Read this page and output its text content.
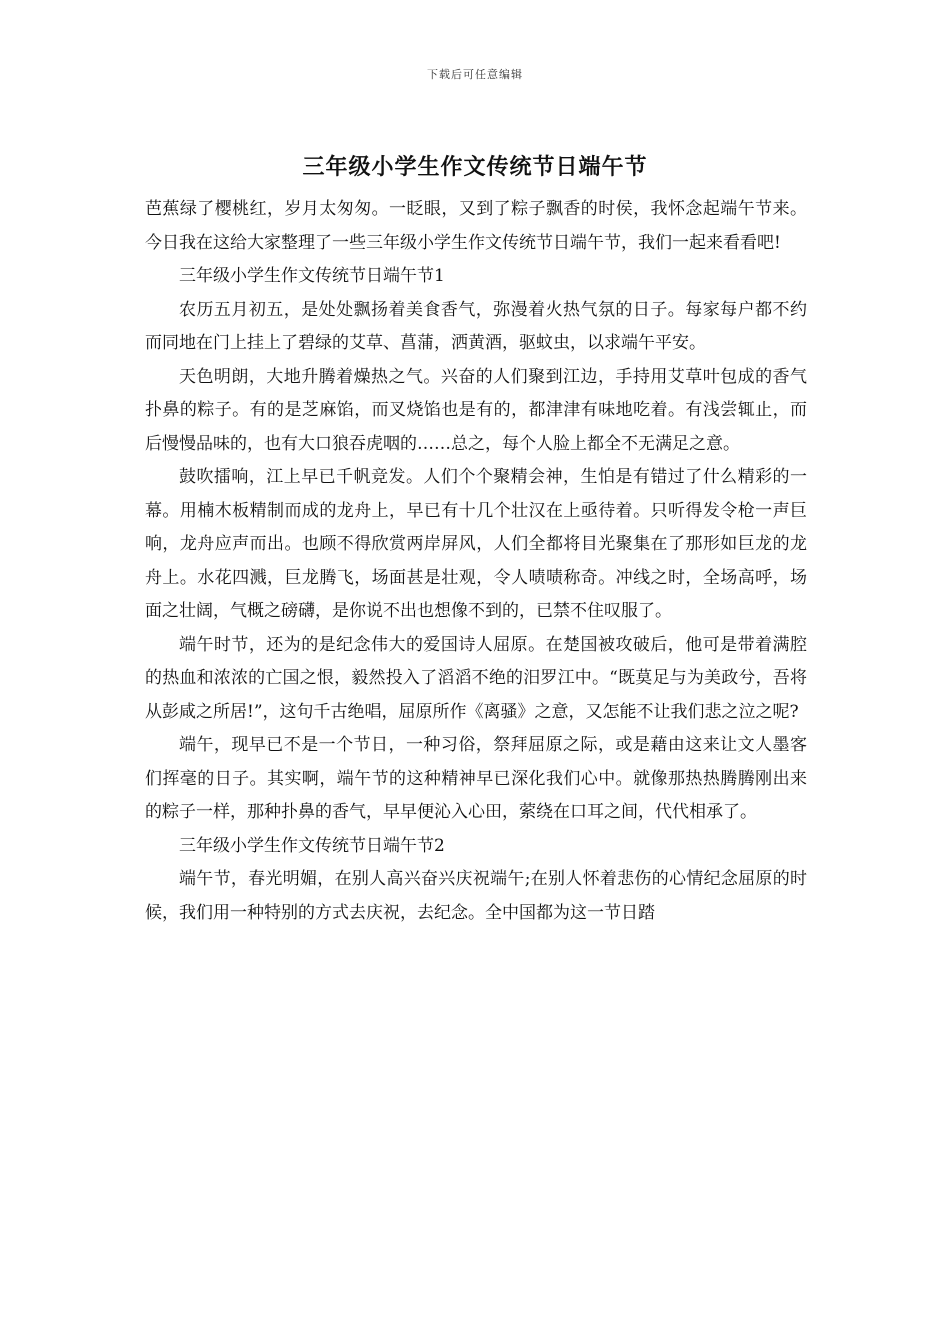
下载后可任意编辑
三年级小学生作文传统节日端午节

芭蕉绿了樱桃红，岁月太匆匆。一眨眼，又到了粽子飘香的时侯，我怀念起端午节来。今日我在这给大家整理了一些三年级小学生作文传统节日端午节，我们一起来看看吧!

三年级小学生作文传统节日端午节1

农历五月初五，是处处飘扬着美食香气，弥漫着火热气氛的日子。每家每户都不约而同地在门上挂上了碧绿的艾草、菖蒲，洒黄酒，驱蚊虫，以求端午平安。

天色明朗，大地升腾着燥热之气。兴奋的人们聚到江边，手持用艾草叶包成的香气扑鼻的粽子。有的是芝麻馅，而叉烧馅也是有的，都津津有味地吃着。有浅尝辄止，而后慢慢品味的，也有大口狼吞虎咽的……总之，每个人脸上都全不无满足之意。

鼓吹擂响，江上早已千帆竞发。人们个个聚精会神，生怕是有错过了什么精彩的一幕。用楠木板精制而成的龙舟上，早已有十几个壮汉在上亟待着。只听得发令枪一声巨响，龙舟应声而出。也顾不得欣赏两岸屏风，人们全都将目光聚集在了那形如巨龙的龙舟上。水花四溅，巨龙腾飞，场面甚是壮观，令人啧啧称奇。冲线之时，全场高呼，场面之壮阔，气概之磅礴，是你说不出也想像不到的，已禁不住叹服了。

端午时节，还为的是纪念伟大的爱国诗人屈原。在楚国被攻破后，他可是带着满腔的热血和浓浓的亡国之恨，毅然投入了滔滔不绝的汨罗江中。“既莫足与为美政兮，吾将从彭咸之所居!”，这句千古绝唱，屈原所作《离骚》之意，又怎能不让我们悲之泣之呢?

端午，现早已不是一个节日，一种习俗，祭拜屈原之际，或是藉由这来让文人墨客们挥毫的日子。其实啊，端午节的这种精神早已深化我们心中。就像那热热腾腾刚出来的粽子一样，那种扑鼻的香气，早早便沁入心田，萦绕在口耳之间，代代相承了。

三年级小学生作文传统节日端午节2

端午节，春光明媚，在别人高兴奋兴庆祝端午;在别人怀着悲伤的心情纪念屈原的时候，我们用一种特别的方式去庆祝，去纪念。全中国都为这一节日踏
